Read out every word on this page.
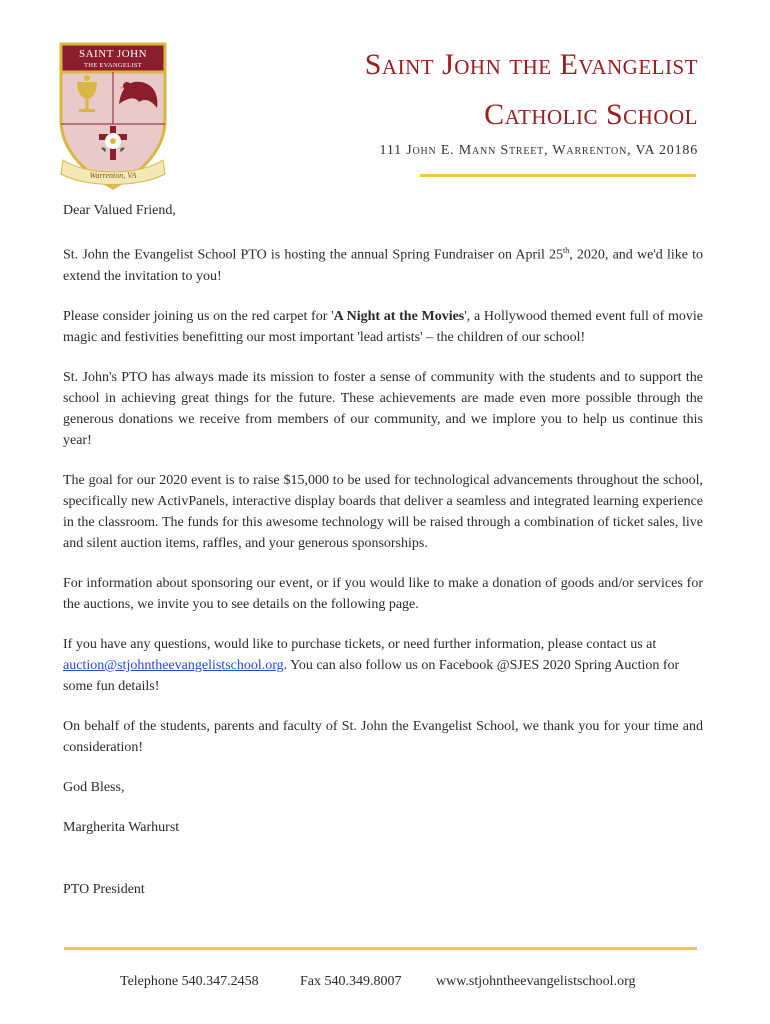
SAINT JOHN
THE EVANGELIST
Warrenton, VA
Saint John the Evangelist
Catholic School
111 John E. Mann Street, Warrenton, VA 20186

Dear Valued Friend,

St. John the Evangelist School PTO is hosting the annual Spring Fundraiser on April 25th, 2020, and we'd like to extend the invitation to you!

Please consider joining us on the red carpet for 'A Night at the Movies', a Hollywood themed event full of movie magic and festivities benefitting our most important 'lead artists' – the children of our school!

St. John's PTO has always made its mission to foster a sense of community with the students and to support the school in achieving great things for the future. These achievements are made even more possible through the generous donations we receive from members of our community, and we implore you to help us continue this year!

The goal for our 2020 event is to raise $15,000 to be used for technological advancements throughout the school, specifically new ActivPanels, interactive display boards that deliver a seamless and integrated learning experience in the classroom. The funds for this awesome technology will be raised through a combination of ticket sales, live and silent auction items, raffles, and your generous sponsorships.

For information about sponsoring our event, or if you would like to make a donation of goods and/or services for the auctions, we invite you to see details on the following page.

If you have any questions, would like to purchase tickets, or need further information, please contact us at auction@stjohntheevangelistschool.org. You can also follow us on Facebook @SJES 2020 Spring Auction for some fun details!

On behalf of the students, parents and faculty of St. John the Evangelist School, we thank you for your time and consideration!

God Bless,

Margherita Warhurst

PTO President

Telephone 540.347.2458	Fax 540.349.8007 www.stjohntheevangelistschool.org
